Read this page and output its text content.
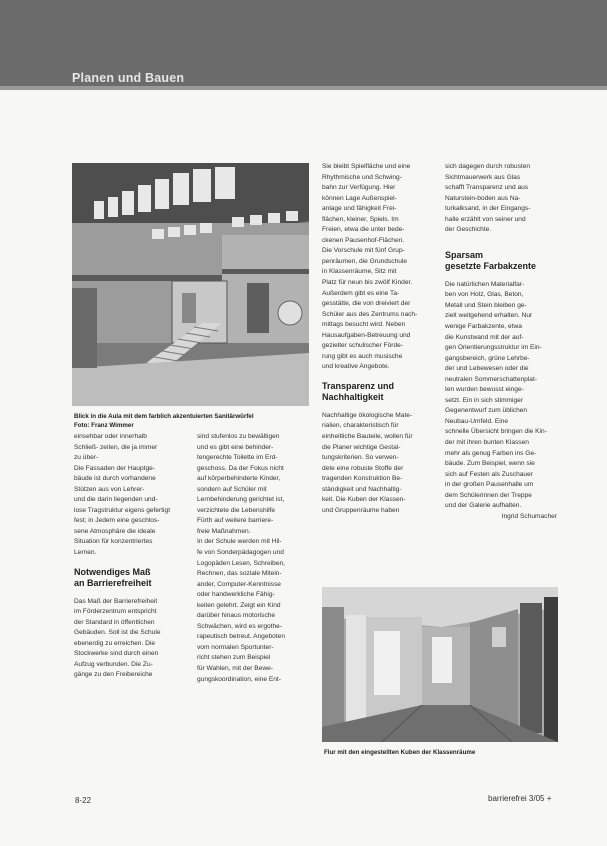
Planen und Bauen
Blick in die Aula mit dem farblich akzentuierten Sanitärwürfel
Foto: Franz Wimmer

einsehbar oder innerhalb

Schließ- zeiten, die ja immer

zu über-

Die Fassaden der Hauptge-

bäude ist durch vorhandene

Stützen aus von Lehrer-

und die darin liegenden und-

lose Tragstruktur eigens gefertigt

fest; in Jedem eine geschlos-

sene Atmosphäre die ideale

Situation für konzentriertes

Lernen.

Notwendiges Maß
an Barrierefreiheit

Das Maß der Barrierefreiheit

im Förderzentrum entspricht

der Standard in öffentlichen

Gebäuden. Soll ist die Schule

ebenerdig zu erreichen. Die

Stockwerke sind durch einen

Aufzug verbunden. Die Zu-

gänge zu den Freibereiche

sind stufenlos zu bewältigen

und es gibt eine behinder-

tengerechte Toilette im Erd-

geschoss. Da der Fokus nicht

auf körperbehinderte Kinder,

sondern auf Schüler mit

Lernbehinderung gerichtet ist,

verzichtete die Lebenshilfe

Fürth auf weitere barriere-

freie Maßnahmen.

In der Schule werden mit Hil-

fe von Sonderpädagogen und

Logopäden Lesen, Schreiben,

Rechnen, das soziale Mitein-

ander, Computer-Kenntnisse

oder handwerkliche Fähig-

keiten gelehrt. Zeigt ein Kind

darüber hinaus motorische

Schwächen, wird es ergothe-

rapeutisch betreut. Angeboten

vom normalen Sportunter-

richt stehen zum Beispiel

für Wahlen, mit der Bewe-

gungskoordination, eine Ent-

Sie bleibt Spielfläche und eine

Rhythmische und Schwing-

bahn zur Verfügung. Hier

können Lage Außenspiel-

anlage und fähigkeit Frei-

flächen, kleiner, Spiels. Im

Freien, etwa die unter bede-

ckenen Pausenhof-Flächen.

Die Vorschule mit fünf Grup-

penräumen, die Grundschule

in Klassenräume, Sitz mit

Platz für neun bis zwölf Kinder.

Außerdem gibt es eine Ta-

gesstätte, die von dreiviert der

Schüler aus des Zentrums nach-

mittags besucht wird. Neben

Hausaufgaben-Betreuung und

gezielter schulischer Förde-

rung gibt es auch musische

und kreative Angebote.

Transparenz und
Nachhaltigkeit

Nachhaltige ökologische Mate-

rialien, charakteristisch für

einheitliche Bauteile, wollen für

die Planer wichtige Gestal-

tungskriterien. So verwen-

dete eine robuste Stoffe der

tragenden Konstruktion Be-

ständigkeit und Nachhaltig-

keit. Die Kuben der Klassen-

und Gruppenräume haben

sich dagegen durch robusten

Sichtmauerwerk aus Glas

schafft Transparenz und aus

Naturstein-boden aus Na-

turkalksand, in der Eingangs-

halle erzählt von seiner und

der Geschichte.

Sparsam
gesetzte Farbakzente

Die natürlichen Materialfar-

ben von Holz, Glas, Beton,

Metall und Stein bleiben ge-

zielt weitgehend erhalten. Nur

wenige Farbakzente, etwa

die Kunstwand mit der auf-

gen Orientierungsstruktur im Ein-

gangsbereich, grüne Lehrbe-

der und Lebewesen oder die

neutralen Sommerschattenplat-

ten wurden bewusst einge-

setzt. Ein in sich stimmiger

Gegenentwurf zum üblichen

Neubau-Umfeld. Eine

schnelle Übersicht bringen die Kin-

der mit ihren bunten Klassen

mehr als genug Farben ins Ge-

bäude. Zum Beispiel, wenn sie

sich auf Festen als Zuschauer

in der großen Pausenhalle um

dem Schülerinnen der Treppe

und der Galerie aufhalten.

Ingrid Schumacher

Flur mit den eingestellten Kuben der Klassenräume
8-22	barrierefrei 3/05 +
